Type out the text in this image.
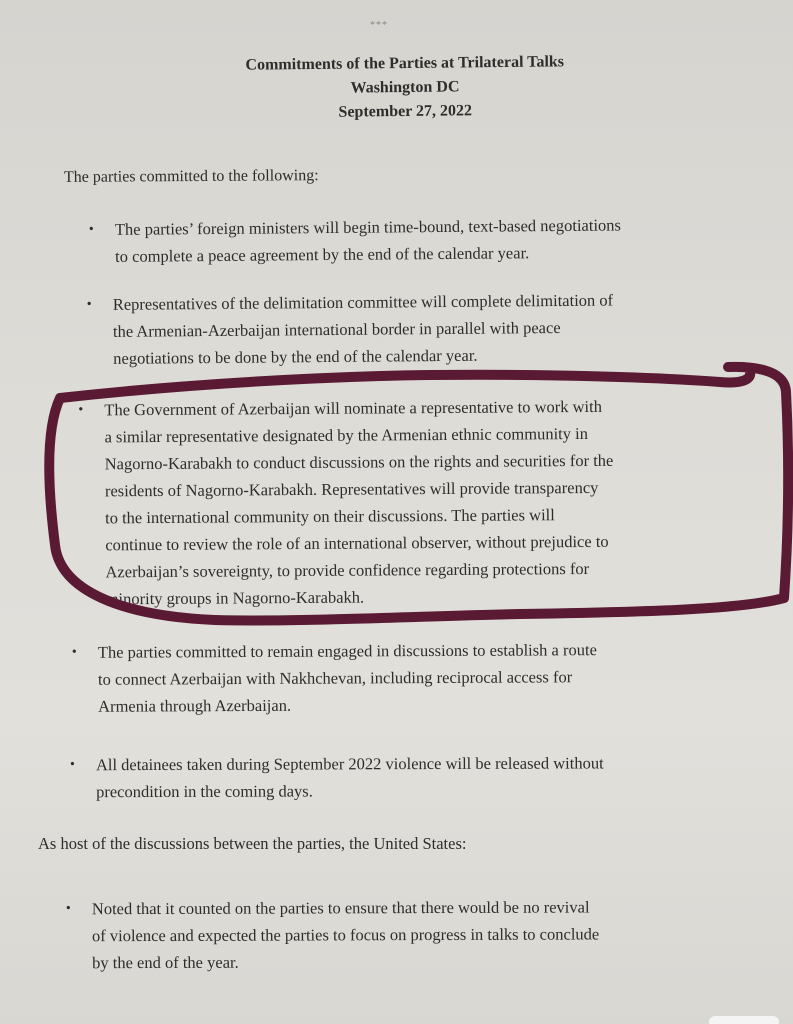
***
Commitments of the Parties at Trilateral Talks
Washington DC
September 27, 2022
The parties committed to the following:
• The parties’ foreign ministers will begin time-bound, text-based negotiations
to complete a peace agreement by the end of the calendar year.
• Representatives of the delimitation committee will complete delimitation of
the Armenian-Azerbaijan international border in parallel with peace
negotiations to be done by the end of the calendar year.
• The Government of Azerbaijan will nominate a representative to work with
a similar representative designated by the Armenian ethnic community in
Nagorno-Karabakh to conduct discussions on the rights and securities for the
residents of Nagorno-Karabakh. Representatives will provide transparency
to the international community on their discussions. The parties will
continue to review the role of an international observer, without prejudice to
Azerbaijan’s sovereignty, to provide confidence regarding protections for
minority groups in Nagorno-Karabakh.
• The parties committed to remain engaged in discussions to establish a route
to connect Azerbaijan with Nakhchevan, including reciprocal access for
Armenia through Azerbaijan.
• All detainees taken during September 2022 violence will be released without
precondition in the coming days.
As host of the discussions between the parties, the United States:
• Noted that it counted on the parties to ensure that there would be no revival
of violence and expected the parties to focus on progress in talks to conclude
by the end of the year.
